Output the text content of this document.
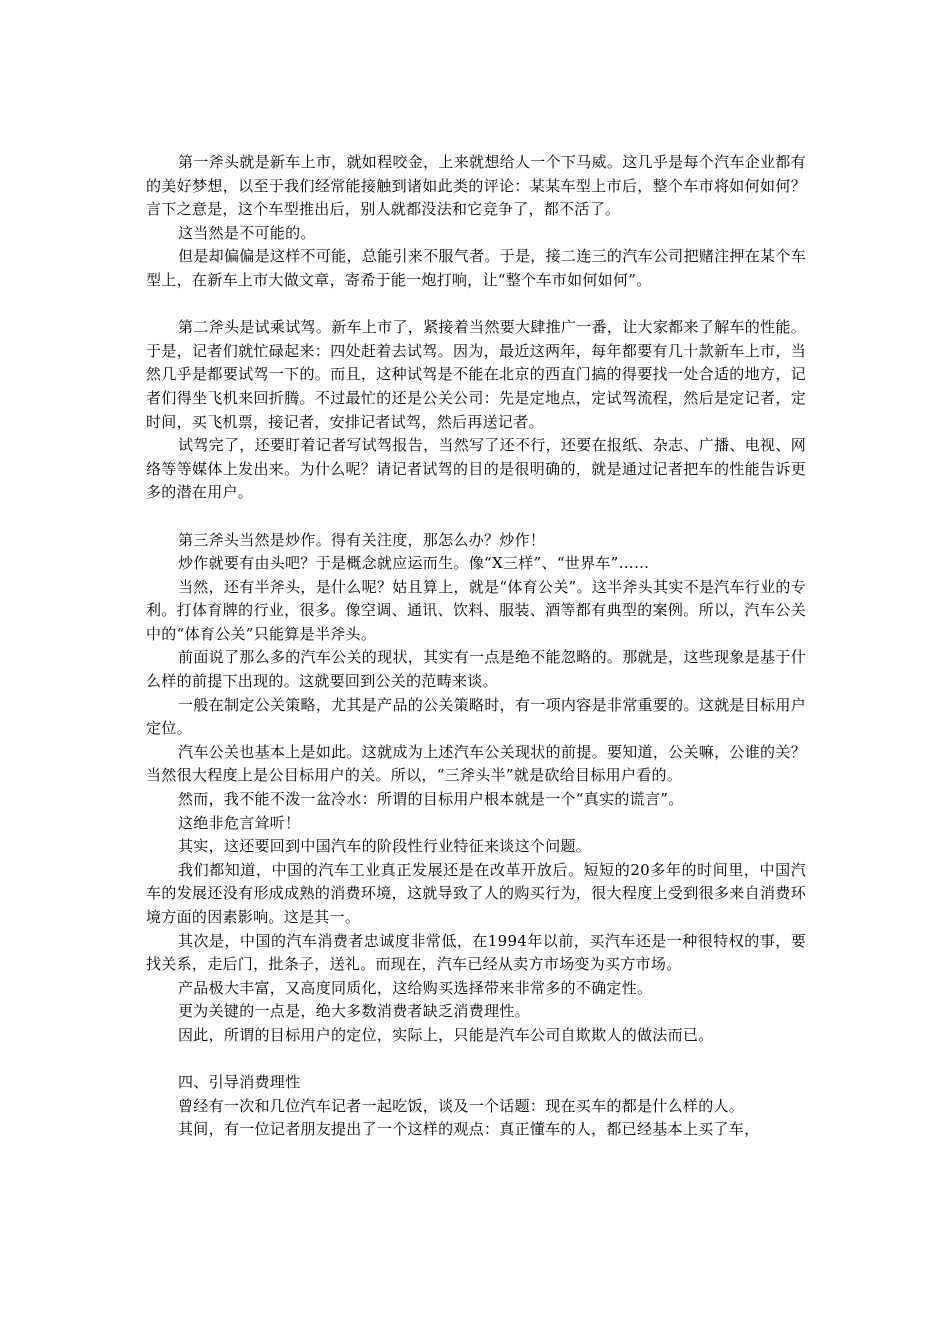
第一斧头就是新车上市，就如程咬金，上来就想给人一个下马威。这几乎是每个汽车企业都有的美好梦想，以至于我们经常能接触到诸如此类的评论：某某车型上市后，整个车市将如何如何？言下之意是，这个车型推出后，别人就都没法和它竞争了，都不活了。

这当然是不可能的。

但是却偏偏是这样不可能，总能引来不服气者。于是，接二连三的汽车公司把赌注押在某个车型上，在新车上市大做文章，寄希于能一炮打响，让“整个车市如何如何”。

第二斧头是试乘试驾。新车上市了，紧接着当然要大肆推广一番，让大家都来了解车的性能。于是，记者们就忙碌起来：四处赶着去试驾。因为，最近这两年，每年都要有几十款新车上市，当然几乎是都要试驾一下的。而且，这种试驾是不能在北京的西直门搞的得要找一处合适的地方，记者们得坐飞机来回折腾。不过最忙的还是公关公司：先是定地点，定试驾流程，然后是定记者，定时间，买飞机票，接记者，安排记者试驾，然后再送记者。

试驾完了，还要盯着记者写试驾报告，当然写了还不行，还要在报纸、杂志、广播、电视、网络等等媒体上发出来。为什么呢？请记者试驾的目的是很明确的，就是通过记者把车的性能告诉更多的潜在用户。

第三斧头当然是炒作。得有关注度，那怎么办？炒作！

炒作就要有由头吧？于是概念就应运而生。像“X三样”、“世界车”……

当然，还有半斧头，是什么呢？姑且算上，就是“体育公关”。这半斧头其实不是汽车行业的专利。打体育牌的行业，很多。像空调、通讯、饮料、服装、酒等都有典型的案例。所以，汽车公关中的“体育公关”只能算是半斧头。

前面说了那么多的汽车公关的现状，其实有一点是绝不能忽略的。那就是，这些现象是基于什么样的前提下出现的。这就要回到公关的范畴来谈。

一般在制定公关策略，尤其是产品的公关策略时，有一项内容是非常重要的。这就是目标用户定位。

汽车公关也基本上是如此。这就成为上述汽车公关现状的前提。要知道，公关嘛，公谁的关？当然很大程度上是公目标用户的关。所以，“三斧头半”就是砍给目标用户看的。

然而，我不能不泼一盆冷水：所谓的目标用户根本就是一个“真实的谎言”。

这绝非危言耸听！

其实，这还要回到中国汽车的阶段性行业特征来谈这个问题。

我们都知道，中国的汽车工业真正发展还是在改革开放后。短短的20多年的时间里，中国汽车的发展还没有形成成熟的消费环境，这就导致了人的购买行为，很大程度上受到很多来自消费环境方面的因素影响。这是其一。

其次是，中国的汽车消费者忠诚度非常低，在1994年以前，买汽车还是一种很特权的事，要找关系，走后门，批条子，送礼。而现在，汽车已经从卖方市场变为买方市场。

产品极大丰富，又高度同质化，这给购买选择带来非常多的不确定性。

更为关键的一点是，绝大多数消费者缺乏消费理性。

因此，所谓的目标用户的定位，实际上，只能是汽车公司自欺欺人的做法而已。

四、引导消费理性

曾经有一次和几位汽车记者一起吃饭，谈及一个话题：现在买车的都是什么样的人。

其间，有一位记者朋友提出了一个这样的观点：真正懂车的人，都已经基本上买了车，
